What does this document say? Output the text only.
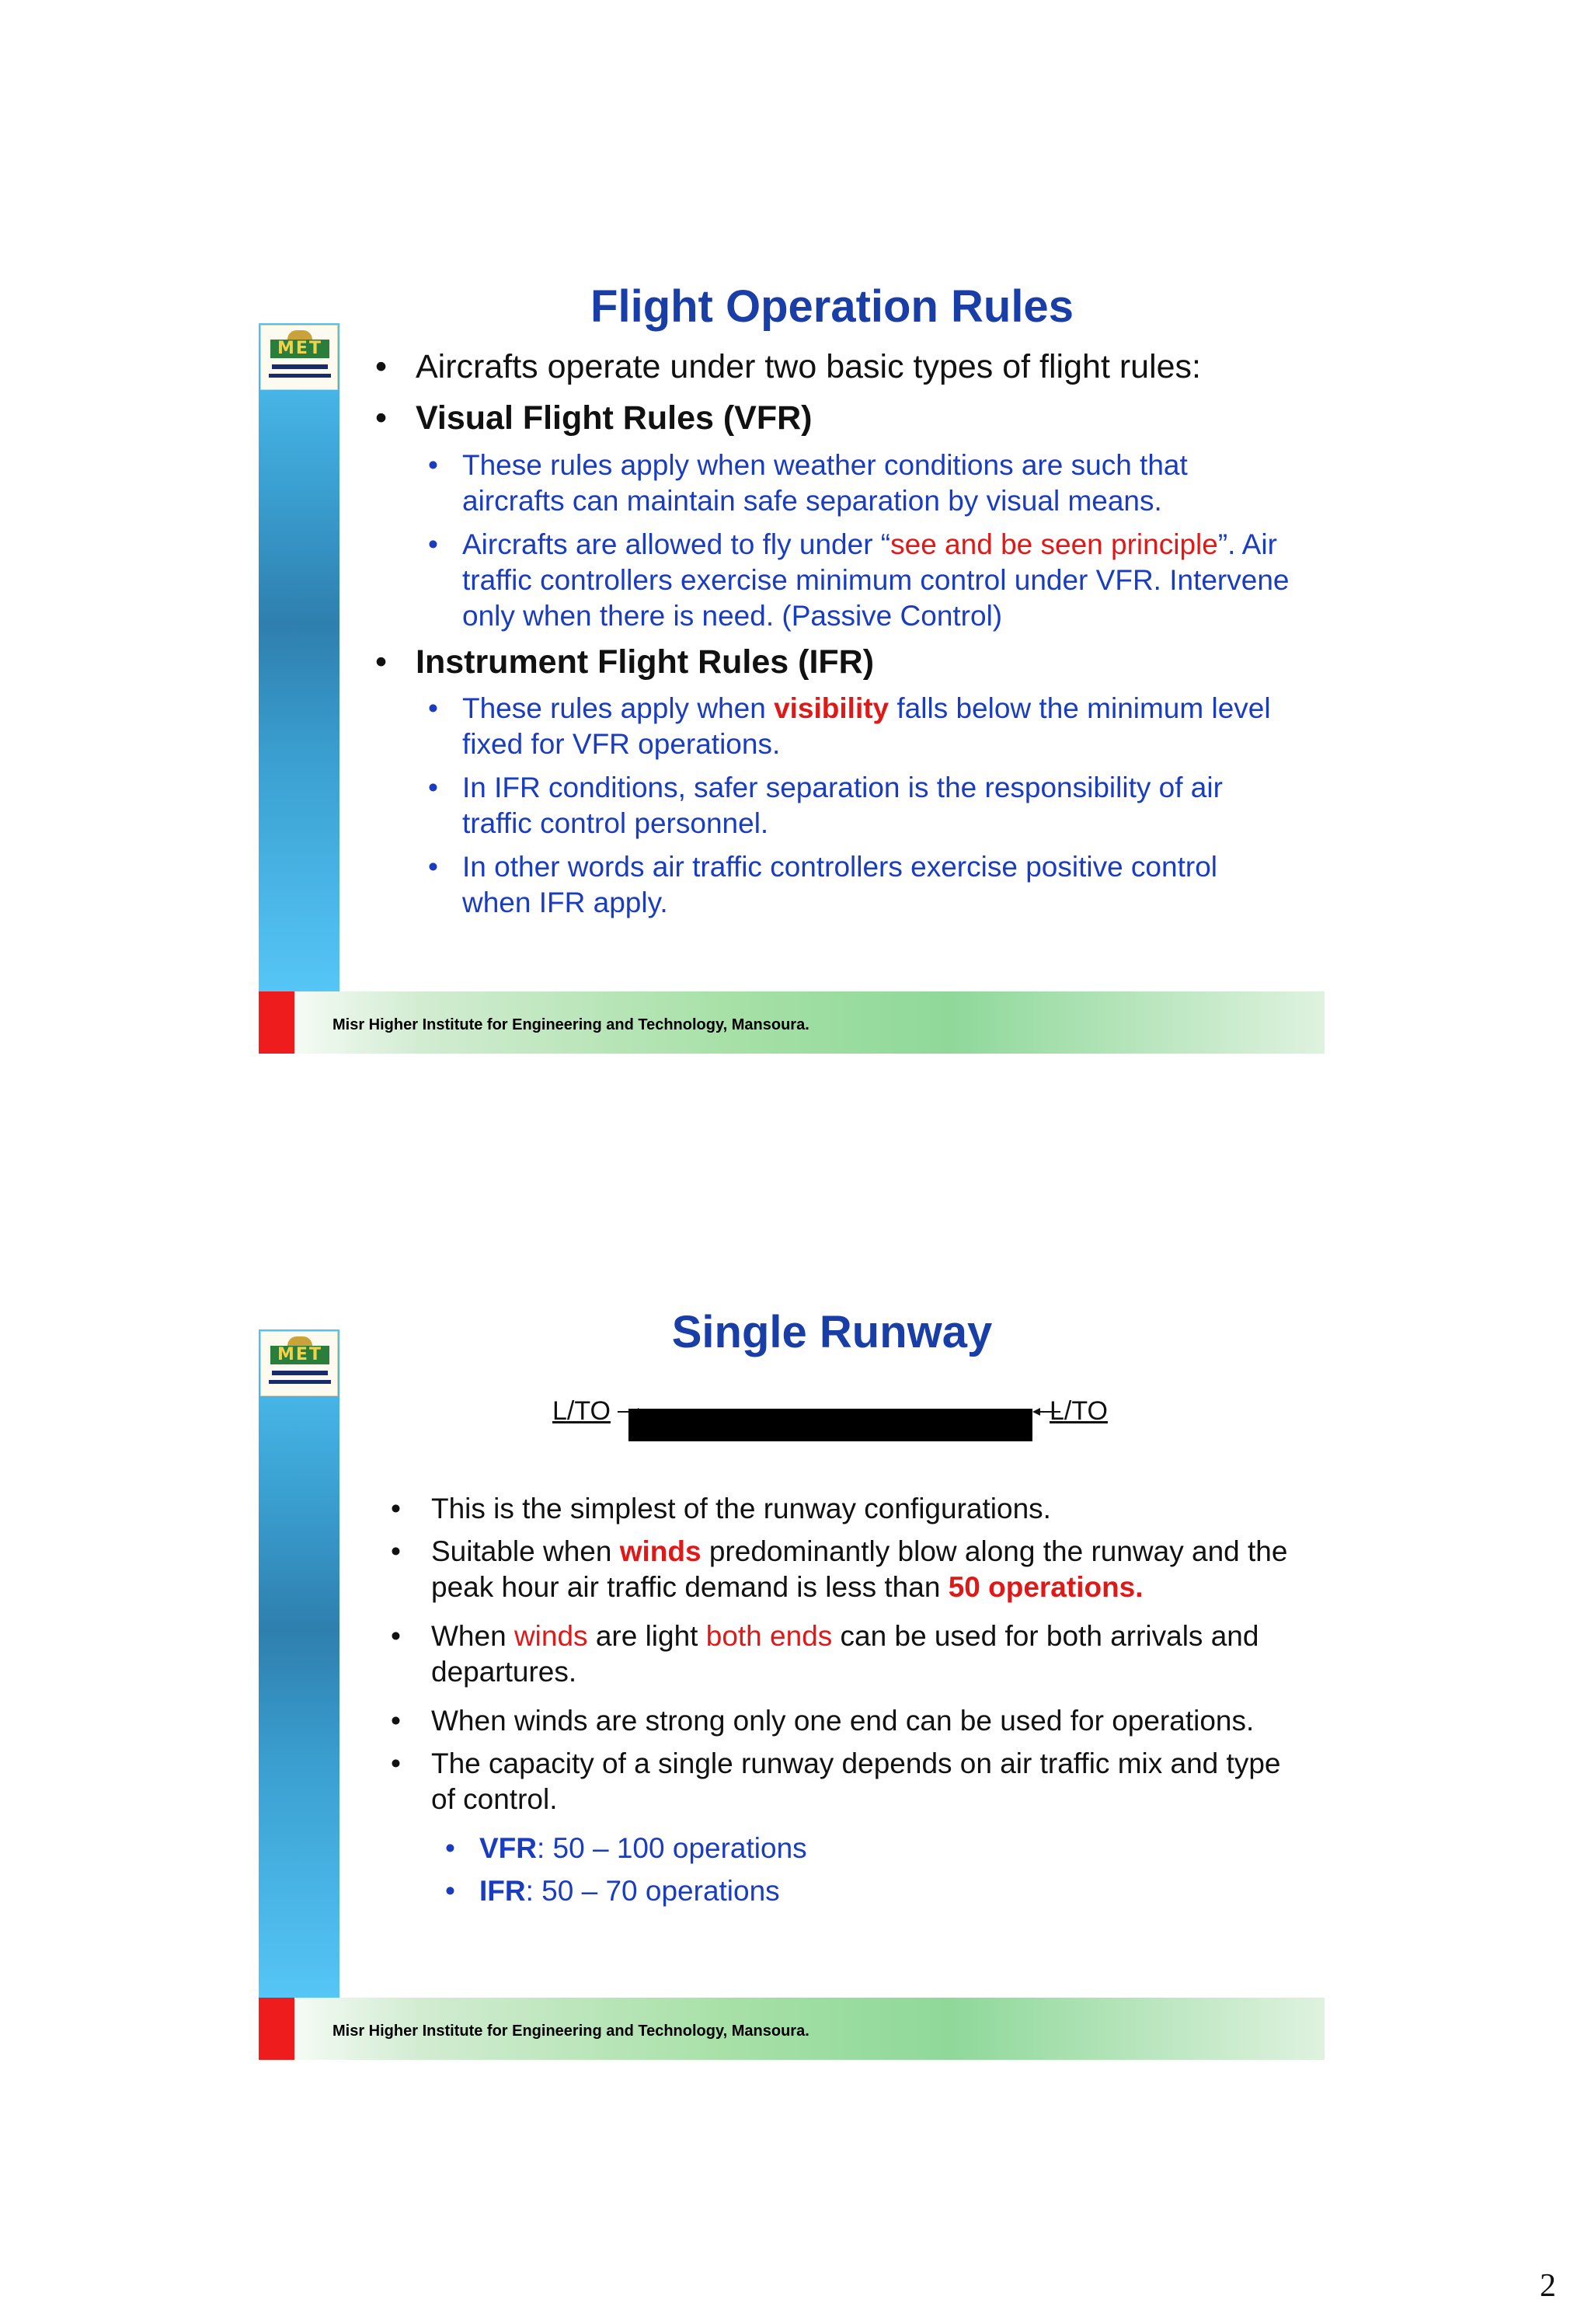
MET
Flight Operation Rules
• Aircrafts operate under two basic types of flight rules:
• Visual Flight Rules (VFR)
• These rules apply when weather conditions are such that aircrafts can maintain safe separation by visual means.
• Aircrafts are allowed to fly under “see and be seen principle”. Air traffic controllers exercise minimum control under VFR. Intervene only when there is need. (Passive Control)
• Instrument Flight Rules (IFR)
• These rules apply when visibility falls below the minimum level fixed for VFR operations.
• In IFR conditions, safer separation is the responsibility of air traffic control personnel.
• In other words air traffic controllers exercise positive control when IFR apply.
Misr Higher Institute for Engineering and Technology, Mansoura.
MET	Single Runway
L/TO	L/TO
• This is the simplest of the runway configurations.
• Suitable when winds predominantly blow along the runway and the peak hour air traffic demand is less than 50 operations.
• When winds are light both ends can be used for both arrivals and departures.
• When winds are strong only one end can be used for operations.
• The capacity of a single runway depends on air traffic mix and type of control.
• VFR: 50 – 100 operations
• IFR: 50 – 70 operations
Misr Higher Institute for Engineering and Technology, Mansoura.
2
